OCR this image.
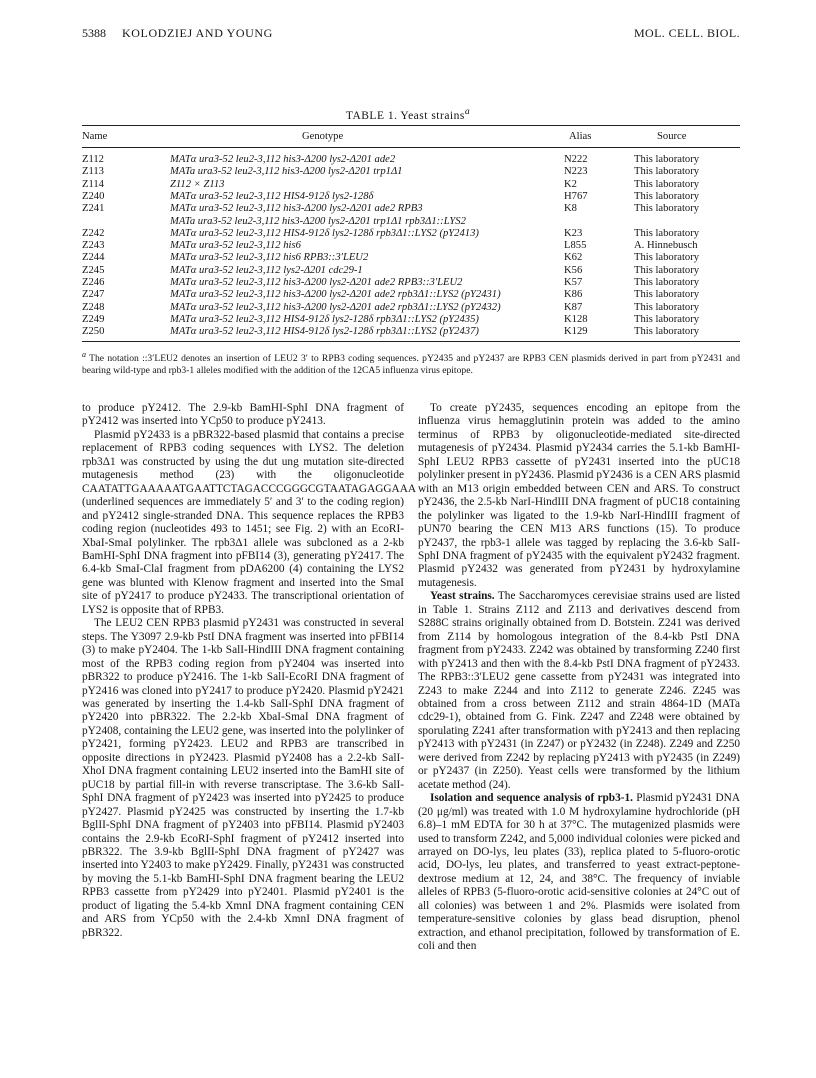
5388 KOLODZIEJ AND YOUNG	MOL. CELL. BIOL.
TABLE 1. Yeast strains$^a$
Name	Genotype	Alias	Source
Z112	MATα ura3-52 leu2-3,112 his3-Δ200 lys2-Δ201 ade2	N222	This laboratory
Z113	MATa ura3-52 leu2-3,112 his3-Δ200 lys2-Δ201 trp1Δ1	N223	This laboratory
Z114	Z112 × Z113	K2	This laboratory
Z240	MATα ura3-52 leu2-3,112 HIS4-912δ lys2-128δ	H767	This laboratory
Z241	MATα ura3-52 leu2-3,112 his3-Δ200 lys2-Δ201 ade2 RPB3	K8	This laboratory
MATa ura3-52 leu2-3,112 his3-Δ200 lys2-Δ201 trp1Δ1 rpb3Δ1::LYS2
Z242	MATα ura3-52 leu2-3,112 HIS4-912δ lys2-128δ rpb3Δ1::LYS2 (pY2413)	K23	This laboratory
Z243	MATα ura3-52 leu2-3,112 his6	L855	A. Hinnebusch
Z244	MATα ura3-52 leu2-3,112 his6 RPB3::3′LEU2	K62	This laboratory
Z245	MATα ura3-52 leu2-3,112 lys2-Δ201 cdc29-1	K56	This laboratory
Z246	MATα ura3-52 leu2-3,112 his3-Δ200 lys2-Δ201 ade2 RPB3::3′LEU2	K57	This laboratory
Z247	MATα ura3-52 leu2-3,112 his3-Δ200 lys2-Δ201 ade2 rpb3Δ1::LYS2 (pY2431)	K86	This laboratory
Z248	MATα ura3-52 leu2-3,112 his3-Δ200 lys2-Δ201 ade2 rpb3Δ1::LYS2 (pY2432)	K87	This laboratory
Z249	MATα ura3-52 leu2-3,112 HIS4-912δ lys2-128δ rpb3Δ1::LYS2 (pY2435)	K128	This laboratory
Z250	MATα ura3-52 leu2-3,112 HIS4-912δ lys2-128δ rpb3Δ1::LYS2 (pY2437)	K129	This laboratory
$^a$ The notation ::3′LEU2 denotes an insertion of LEU2 3′ to RPB3 coding sequences. pY2435 and pY2437 are RPB3 CEN plasmids derived in part from pY2431 and bearing wild-type and rpb3-1 alleles modified with the addition of the 12CA5 influenza virus epitope.

to produce pY2412. The 2.9-kb BamHI-SphI DNA fragment of pY2412 was inserted into YCp50 to produce pY2413.

Plasmid pY2433 is a pBR322-based plasmid that contains a precise replacement of RPB3 coding sequences with LYS2. The deletion rpb3Δ1 was constructed by using the dut ung mutation site-directed mutagenesis method (23) with the oligonucleotide CAATATTGAAAAATGAATTCTAGACCCGGGCGTAATAGAGGAAA (underlined sequences are immediately 5′ and 3′ to the coding region) and pY2412 single-stranded DNA. This sequence replaces the RPB3 coding region (nucleotides 493 to 1451; see Fig. 2) with an EcoRI-XbaI-SmaI polylinker. The rpb3Δ1 allele was subcloned as a 2-kb BamHI-SphI DNA fragment into pFBI14 (3), generating pY2417. The 6.4-kb SmaI-ClaI fragment from pDA6200 (4) containing the LYS2 gene was blunted with Klenow fragment and inserted into the SmaI site of pY2417 to produce pY2433. The transcriptional orientation of LYS2 is opposite that of RPB3.

The LEU2 CEN RPB3 plasmid pY2431 was constructed in several steps. The Y3097 2.9-kb PstI DNA fragment was inserted into pFBI14 (3) to make pY2404. The 1-kb SalI-HindIII DNA fragment containing most of the RPB3 coding region from pY2404 was inserted into pBR322 to produce pY2416. The 1-kb SalI-EcoRI DNA fragment of pY2416 was cloned into pY2417 to produce pY2420. Plasmid pY2421 was generated by inserting the 1.4-kb SalI-SphI DNA fragment of pY2420 into pBR322. The 2.2-kb XbaI-SmaI DNA fragment of pY2408, containing the LEU2 gene, was inserted into the polylinker of pY2421, forming pY2423. LEU2 and RPB3 are transcribed in opposite directions in pY2423. Plasmid pY2408 has a 2.2-kb SalI-XhoI DNA fragment containing LEU2 inserted into the BamHI site of pUC18 by partial fill-in with reverse transcriptase. The 3.6-kb SalI-SphI DNA fragment of pY2423 was inserted into pY2425 to produce pY2427. Plasmid pY2425 was constructed by inserting the 1.7-kb BglII-SphI DNA fragment of pY2403 into pFBI14. Plasmid pY2403 contains the 2.9-kb EcoRI-SphI fragment of pY2412 inserted into pBR322. The 3.9-kb BglII-SphI DNA fragment of pY2427 was inserted into Y2403 to make pY2429. Finally, pY2431 was constructed by moving the 5.1-kb BamHI-SphI DNA fragment bearing the LEU2 RPB3 cassette from pY2429 into pY2401. Plasmid pY2401 is the product of ligating the 5.4-kb XmnI DNA fragment containing CEN and ARS from YCp50 with the 2.4-kb XmnI DNA fragment of pBR322.

To create pY2435, sequences encoding an epitope from the influenza virus hemagglutinin protein was added to the amino terminus of RPB3 by oligonucleotide-mediated site-directed mutagenesis of pY2434. Plasmid pY2434 carries the 5.1-kb BamHI-SphI LEU2 RPB3 cassette of pY2431 inserted into the pUC18 polylinker present in pY2436. Plasmid pY2436 is a CEN ARS plasmid with an M13 origin embedded between CEN and ARS. To construct pY2436, the 2.5-kb NarI-HindIII DNA fragment of pUC18 containing the polylinker was ligated to the 1.9-kb NarI-HindIII fragment of pUN70 bearing the CEN M13 ARS functions (15). To produce pY2437, the rpb3-1 allele was tagged by replacing the 3.6-kb SalI-SphI DNA fragment of pY2435 with the equivalent pY2432 fragment. Plasmid pY2432 was generated from pY2431 by hydroxylamine mutagenesis.

Yeast strains. The Saccharomyces cerevisiae strains used are listed in Table 1. Strains Z112 and Z113 and derivatives descend from S288C strains originally obtained from D. Botstein. Z241 was derived from Z114 by homologous integration of the 8.4-kb PstI DNA fragment from pY2433. Z242 was obtained by transforming Z240 first with pY2413 and then with the 8.4-kb PstI DNA fragment of pY2433. The RPB3::3′LEU2 gene cassette from pY2431 was integrated into Z243 to make Z244 and into Z112 to generate Z246. Z245 was obtained from a cross between Z112 and strain 4864-1D (MATa cdc29-1), obtained from G. Fink. Z247 and Z248 were obtained by sporulating Z241 after transformation with pY2413 and then replacing pY2413 with pY2431 (in Z247) or pY2432 (in Z248). Z249 and Z250 were derived from Z242 by replacing pY2413 with pY2435 (in Z249) or pY2437 (in Z250). Yeast cells were transformed by the lithium acetate method (24).

Isolation and sequence analysis of rpb3-1. Plasmid pY2431 DNA (20 μg/ml) was treated with 1.0 M hydroxylamine hydrochloride (pH 6.8)–1 mM EDTA for 30 h at 37°C. The mutagenized plasmids were used to transform Z242, and 5,000 individual colonies were picked and arrayed on DO-lys, leu plates (33), replica plated to 5-fluoro-orotic acid, DO-lys, leu plates, and transferred to yeast extract-peptone-dextrose medium at 12, 24, and 38°C. The frequency of inviable alleles of RPB3 (5-fluoro-orotic acid-sensitive colonies at 24°C out of all colonies) was between 1 and 2%. Plasmids were isolated from temperature-sensitive colonies by glass bead disruption, phenol extraction, and ethanol precipitation, followed by transformation of E. coli and then
